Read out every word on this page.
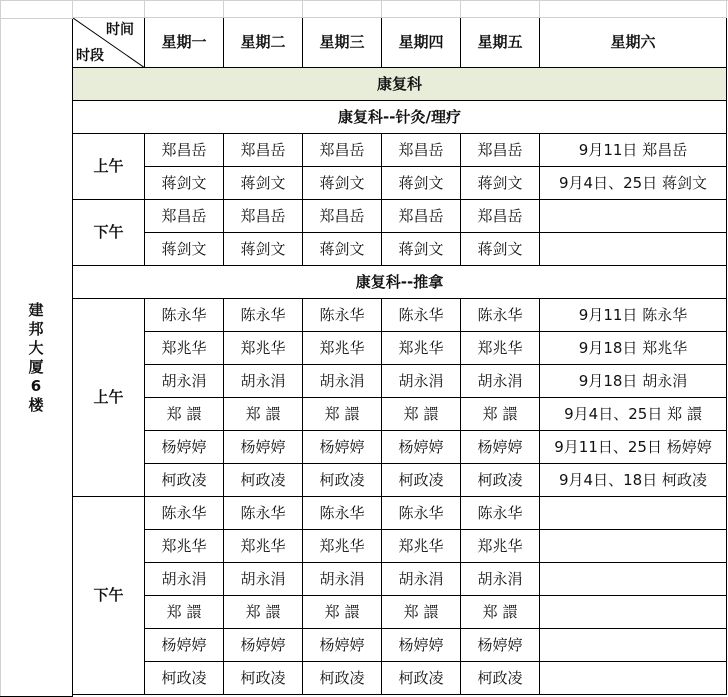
时间
时段
星期一	星期二	星期三	星期四	星期五	星期六
康复科
康复科--针灸/理疗
上午
郑昌岳	郑昌岳	郑昌岳	郑昌岳	郑昌岳	9月11日 郑昌岳
蒋剑文	蒋剑文	蒋剑文	蒋剑文	蒋剑文	9月4日、25日 蒋剑文
下午
郑昌岳	郑昌岳	郑昌岳	郑昌岳	郑昌岳
蒋剑文	蒋剑文	蒋剑文	蒋剑文	蒋剑文
康复科--推拿
上午
陈永华	陈永华	陈永华	陈永华	陈永华	9月11日 陈永华
郑兆华	郑兆华	郑兆华	郑兆华	郑兆华	9月18日 郑兆华
胡永涓	胡永涓	胡永涓	胡永涓	胡永涓	9月18日 胡永涓
郑 譞	郑 譞	郑 譞	郑 譞	郑 譞	9月4日、25日 郑 譞
杨婷婷	杨婷婷	杨婷婷	杨婷婷	杨婷婷	9月11日、25日 杨婷婷
柯政凌	柯政凌	柯政凌	柯政凌	柯政凌	9月4日、18日 柯政凌
下午
陈永华	陈永华	陈永华	陈永华	陈永华
郑兆华	郑兆华	郑兆华	郑兆华	郑兆华
胡永涓	胡永涓	胡永涓	胡永涓	胡永涓
郑 譞	郑 譞	郑 譞	郑 譞	郑 譞
杨婷婷	杨婷婷	杨婷婷	杨婷婷	杨婷婷
柯政凌	柯政凌	柯政凌	柯政凌	柯政凌
建
邦
大
厦
6
楼
